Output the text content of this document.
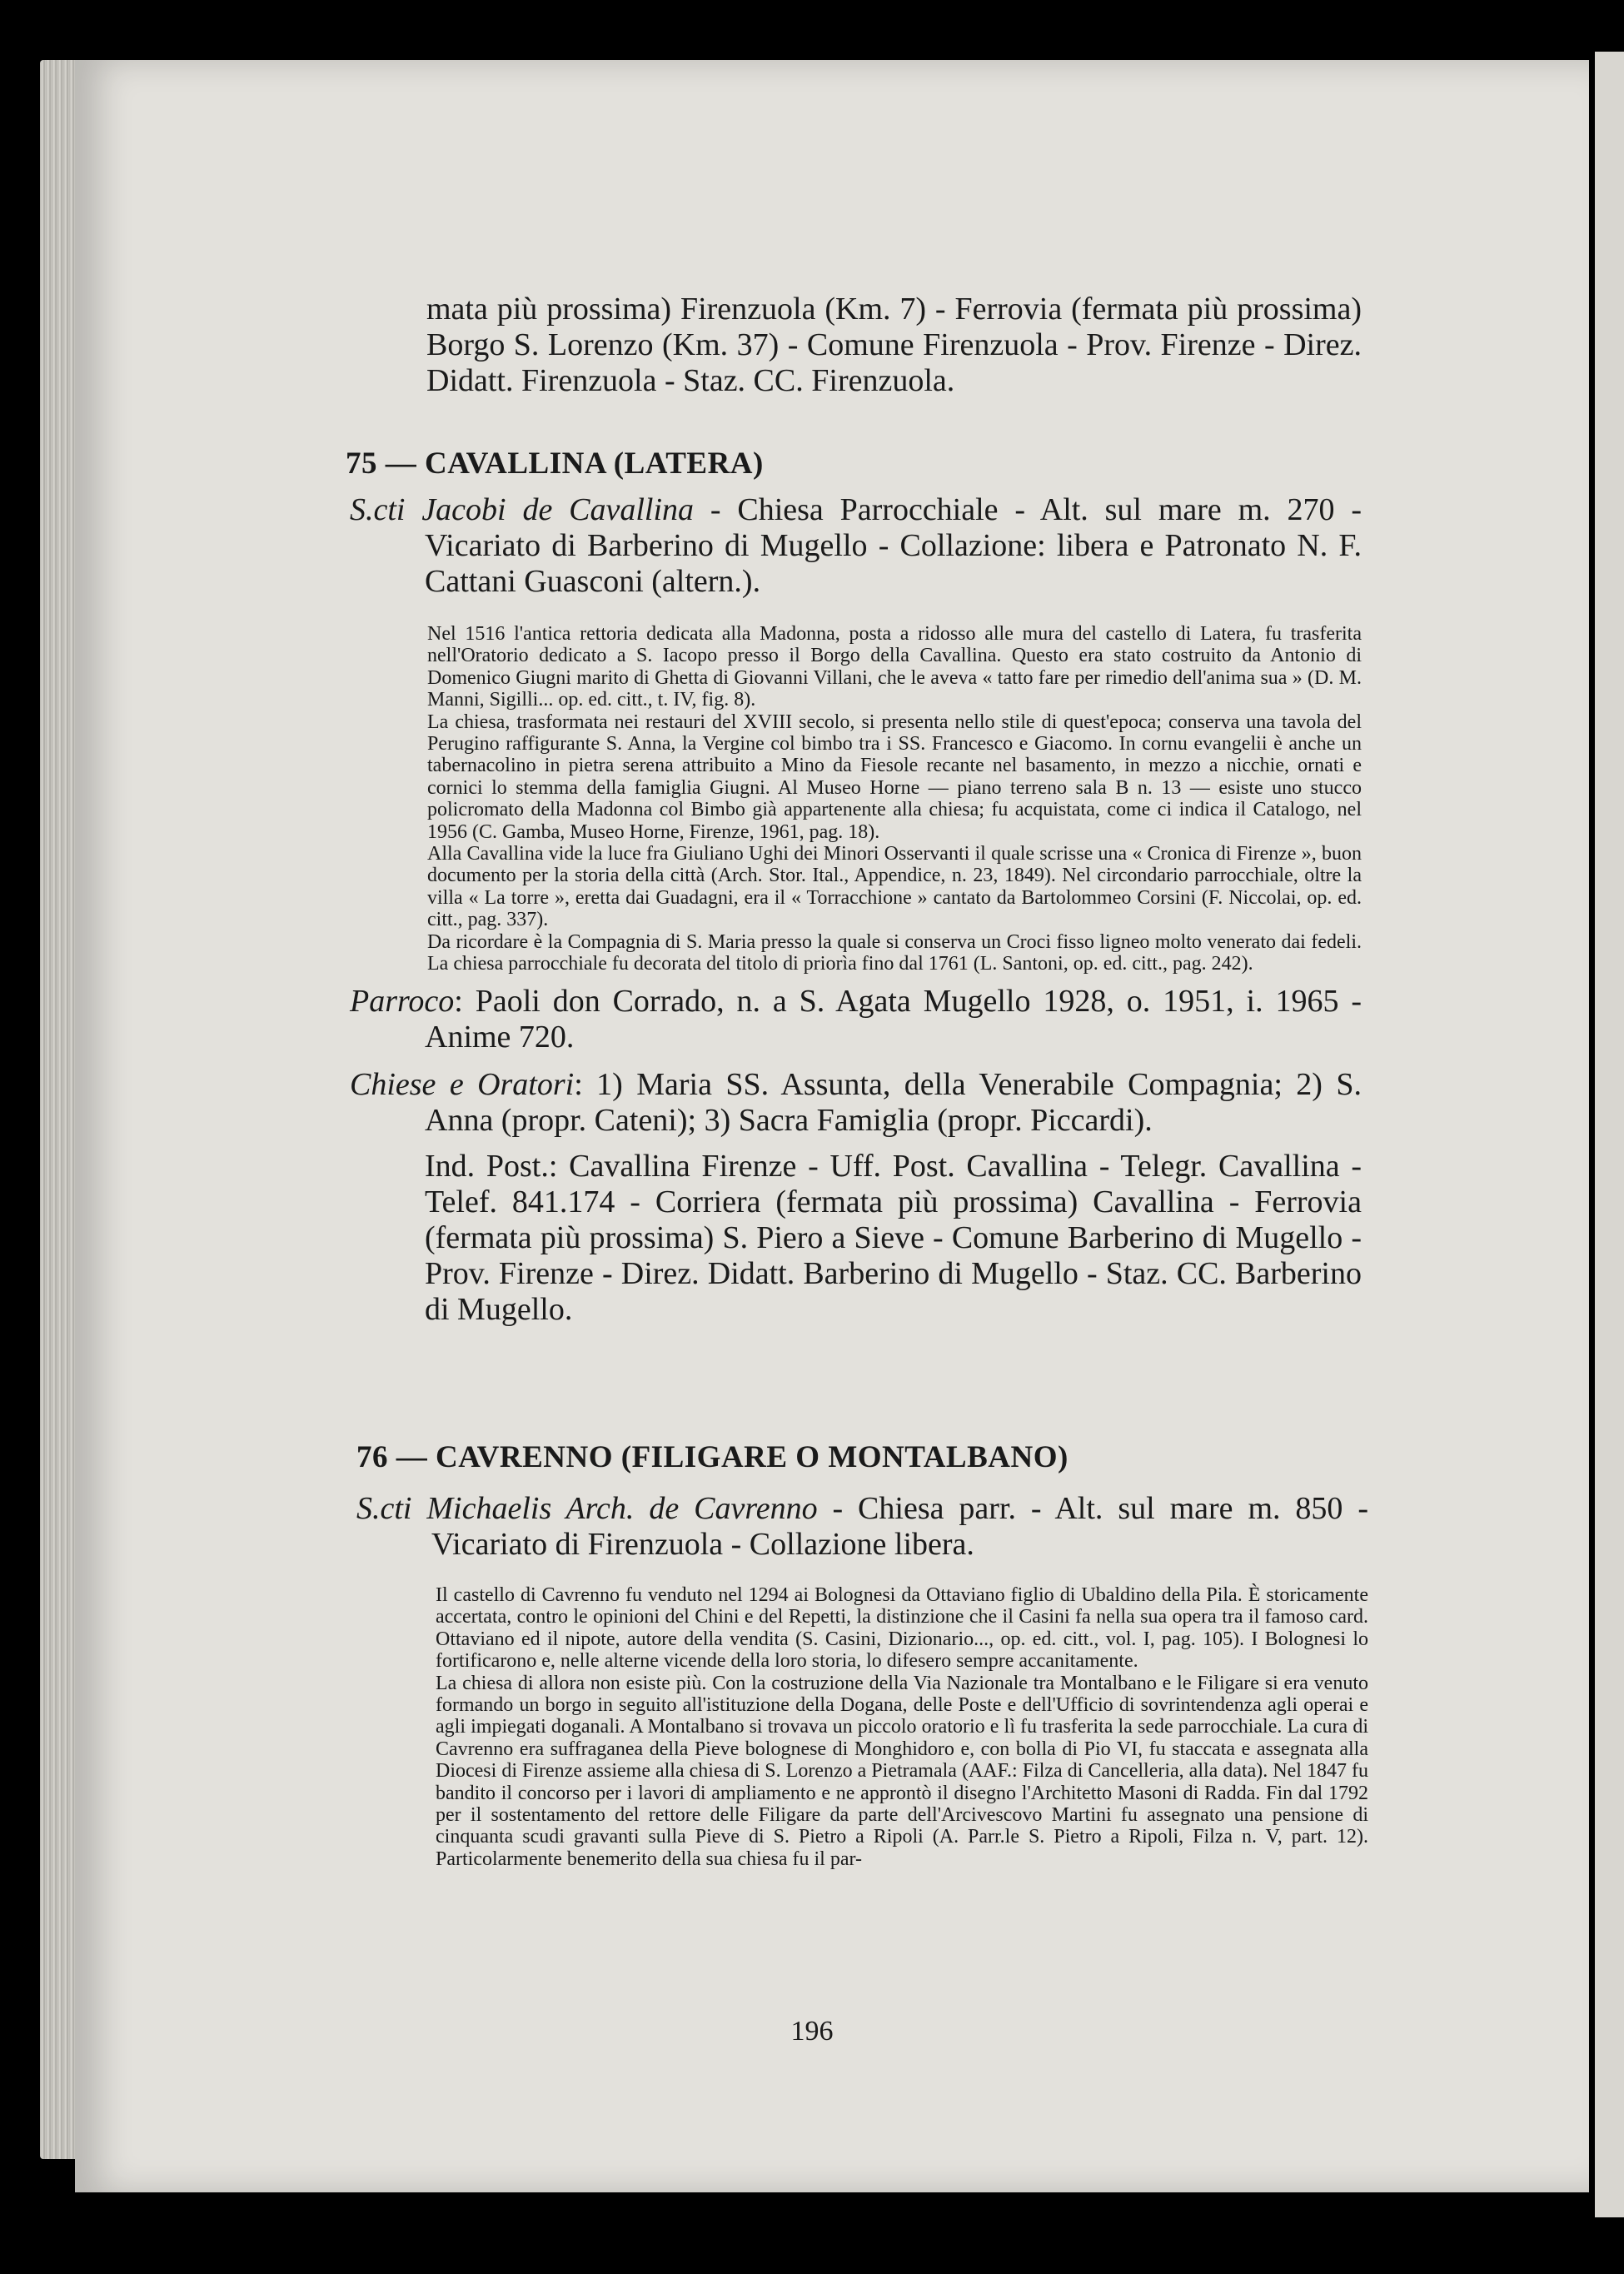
mata più prossima) Firenzuola (Km. 7) - Ferrovia (fermata più prossima) Borgo S. Lorenzo (Km. 37) - Comune Firenzuola - Prov. Firenze - Direz. Didatt. Firenzuola - Staz. CC. Firenzuola.

75 — CAVALLINA (LATERA)

S.cti Jacobi de Cavallina - Chiesa Parrocchiale - Alt. sul mare m. 270 - Vicariato di Barberino di Mugello - Collazione: libera e Patronato N. F. Cattani Guasconi (altern.).

Nel 1516 l'antica rettoria dedicata alla Madonna, posta a ridosso alle mura del castello di Latera, fu trasferita nell'Oratorio dedicato a S. Iacopo presso il Borgo della Cavallina. Questo era stato costruito da Antonio di Domenico Giugni marito di Ghetta di Giovanni Villani, che le aveva « tatto fare per rimedio dell'anima sua » (D. M. Manni, Sigilli... op. ed. citt., t. IV, fig. 8).

La chiesa, trasformata nei restauri del XVIII secolo, si presenta nello stile di quest'epoca; conserva una tavola del Perugino raffigurante S. Anna, la Vergine col bimbo tra i SS. Francesco e Giacomo. In cornu evangelii è anche un tabernacolino in pietra serena attribuito a Mino da Fiesole recante nel basamento, in mezzo a nicchie, ornati e cornici lo stemma della famiglia Giugni. Al Museo Horne — piano terreno sala B n. 13 — esiste uno stucco policromato della Madonna col Bimbo già appartenente alla chiesa; fu acquistata, come ci indica il Catalogo, nel 1956 (C. Gamba, Museo Horne, Firenze, 1961, pag. 18).

Alla Cavallina vide la luce fra Giuliano Ughi dei Minori Osservanti il quale scrisse una « Cronica di Firenze », buon documento per la storia della città (Arch. Stor. Ital., Appendice, n. 23, 1849). Nel circondario parrocchiale, oltre la villa « La torre », eretta dai Guadagni, era il « Torracchione » cantato da Bartolommeo Corsini (F. Niccolai, op. ed. citt., pag. 337).

Da ricordare è la Compagnia di S. Maria presso la quale si conserva un Croci fisso ligneo molto venerato dai fedeli. La chiesa parrocchiale fu decorata del titolo di priorìa fino dal 1761 (L. Santoni, op. ed. citt., pag. 242).

Parroco: Paoli don Corrado, n. a S. Agata Mugello 1928, o. 1951, i. 1965 - Anime 720.

Chiese e Oratori: 1) Maria SS. Assunta, della Venerabile Compagnia; 2) S. Anna (propr. Cateni); 3) Sacra Famiglia (propr. Piccardi).

Ind. Post.: Cavallina Firenze - Uff. Post. Cavallina - Telegr. Cavallina - Telef. 841.174 - Corriera (fermata più prossima) Cavallina - Ferrovia (fermata più prossima) S. Piero a Sieve - Comune Barberino di Mugello - Prov. Firenze - Direz. Didatt. Barberino di Mugello - Staz. CC. Barberino di Mugello.

76 — CAVRENNO (FILIGARE O MONTALBANO)

S.cti Michaelis Arch. de Cavrenno - Chiesa parr. - Alt. sul mare m. 850 - Vicariato di Firenzuola - Collazione libera.

Il castello di Cavrenno fu venduto nel 1294 ai Bolognesi da Ottaviano figlio di Ubaldino della Pila. È storicamente accertata, contro le opinioni del Chini e del Repetti, la distinzione che il Casini fa nella sua opera tra il famoso card. Ottaviano ed il nipote, autore della vendita (S. Casini, Dizionario..., op. ed. citt., vol. I, pag. 105). I Bolognesi lo fortificarono e, nelle alterne vicende della loro storia, lo difesero sempre accanitamente.

La chiesa di allora non esiste più. Con la costruzione della Via Nazionale tra Montalbano e le Filigare si era venuto formando un borgo in seguito all'istituzione della Dogana, delle Poste e dell'Ufficio di sovrintendenza agli operai e agli impiegati doganali. A Montalbano si trovava un piccolo oratorio e lì fu trasferita la sede parrocchiale. La cura di Cavrenno era suffraganea della Pieve bolognese di Monghidoro e, con bolla di Pio VI, fu staccata e assegnata alla Diocesi di Firenze assieme alla chiesa di S. Lorenzo a Pietramala (AAF.: Filza di Cancelleria, alla data). Nel 1847 fu bandito il concorso per i lavori di ampliamento e ne approntò il disegno l'Architetto Masoni di Radda. Fin dal 1792 per il sostentamento del rettore delle Filigare da parte dell'Arcivescovo Martini fu assegnato una pensione di cinquanta scudi gravanti sulla Pieve di S. Pietro a Ripoli (A. Parr.le S. Pietro a Ripoli, Filza n. V, part. 12). Particolarmente benemerito della sua chiesa fu il par-

196
